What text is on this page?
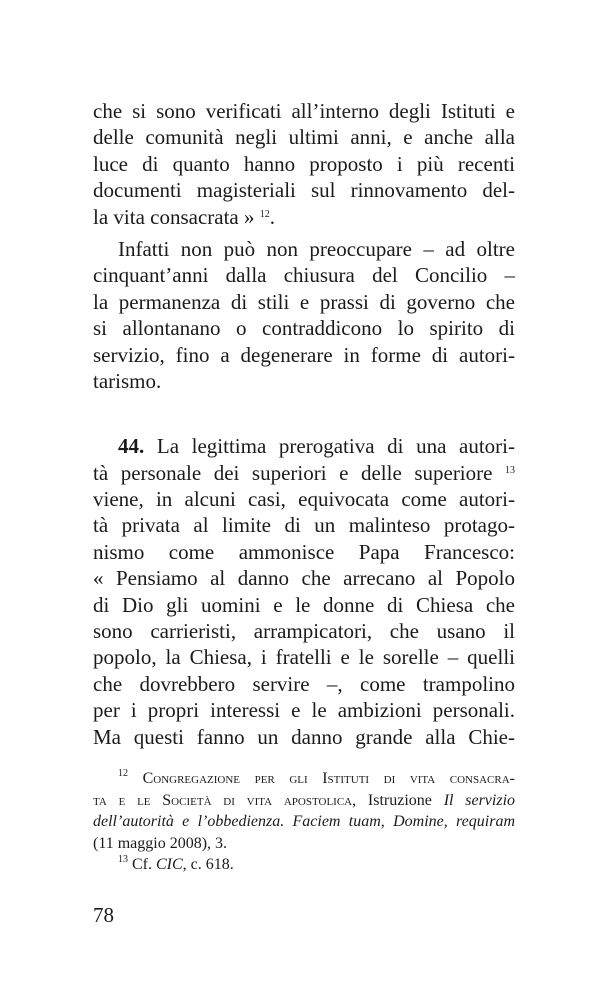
che si sono verificati all’interno degli Istituti e
delle comunità negli ultimi anni, e anche alla
luce di quanto hanno proposto i più recenti
documenti magisteriali sul rinnovamento del-
la vita consacrata » $^{12}$.
Infatti non può non preoccupare – ad oltre
cinquant’anni dalla chiusura del Concilio –
la permanenza di stili e prassi di governo che
si allontanano o contraddicono lo spirito di
servizio, fino a degenerare in forme di autori-
tarismo.
44. La legittima prerogativa di una autori-
tà personale dei superiori e delle superiore $^{13}$
viene, in alcuni casi, equivocata come autori-
tà privata al limite di un malinteso protago-
nismo come ammonisce Papa Francesco:
« Pensiamo al danno che arrecano al Popolo
di Dio gli uomini e le donne di Chiesa che
sono carrieristi, arrampicatori, che usano il
popolo, la Chiesa, i fratelli e le sorelle – quelli
che dovrebbero servire –, come trampolino
per i propri interessi e le ambizioni personali.
Ma questi fanno un danno grande alla Chie-
$^{12}$ Congregazione per gli Istituti di vita consacra-
ta e le Società di vita apostolica, Istruzione Il servizio
dell’autorità e l’obbedienza. Faciem tuam, Domine, requiram
(11 maggio 2008), 3.
$^{13}$ Cf. CIC, c. 618.
78
